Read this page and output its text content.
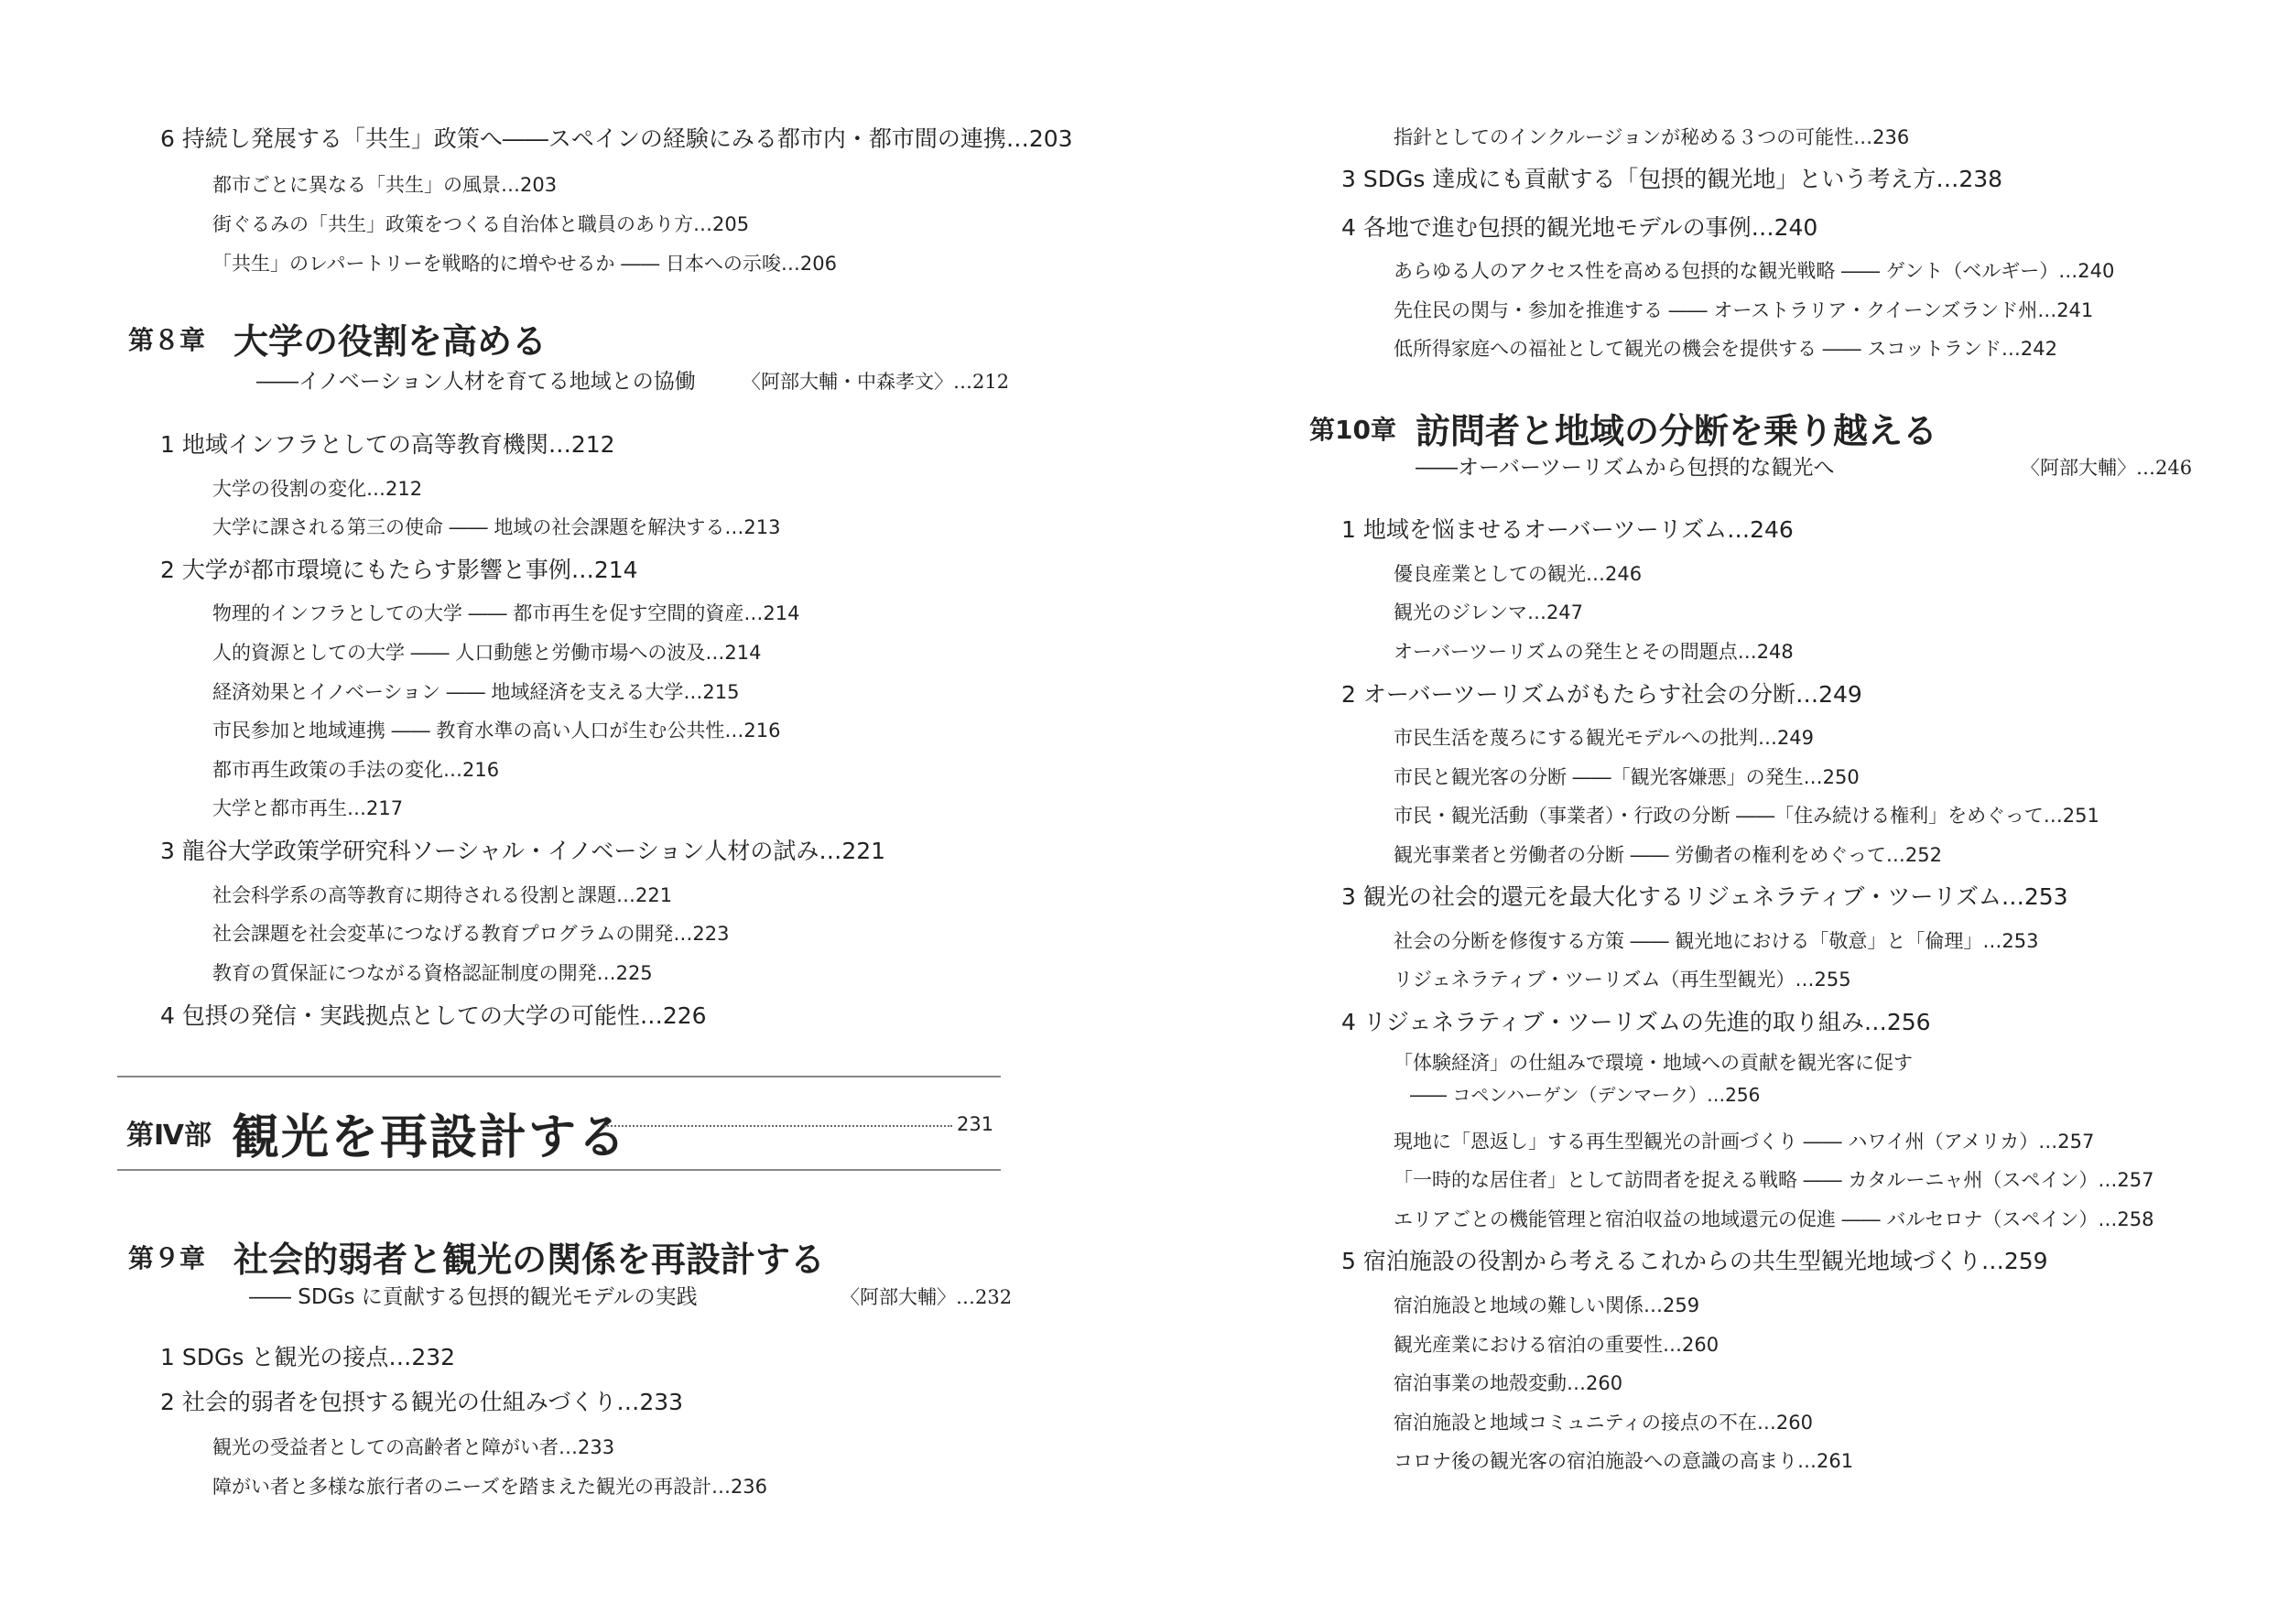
6 持続し発展する「共生」政策へ――スペインの経験にみる都市内・都市間の連携…203
都市ごとに異なる「共生」の風景…203
街ぐるみの「共生」政策をつくる自治体と職員のあり方…205
「共生」のレパートリーを戦略的に増やせるか ―― 日本への示唆…206
第８章 大学の役割を高める
――イノベーション人材を育てる地域との協働 〈阿部大輔・中森孝文〉…212
1 地域インフラとしての高等教育機関…212
大学の役割の変化…212
大学に課される第三の使命 ―― 地域の社会課題を解決する…213
2 大学が都市環境にもたらす影響と事例…214
物理的インフラとしての大学 ―― 都市再生を促す空間的資産…214
人的資源としての大学 ―― 人口動態と労働市場への波及…214
経済効果とイノベーション ―― 地域経済を支える大学…215
市民参加と地域連携 ―― 教育水準の高い人口が生む公共性…216
都市再生政策の手法の変化…216
大学と都市再生…217
3 龍谷大学政策学研究科ソーシャル・イノベーション人材の試み…221
社会科学系の高等教育に期待される役割と課題…221
社会課題を社会変革につなげる教育プログラムの開発…223
教育の質保証につながる資格認証制度の開発…225
4 包摂の発信・実践拠点としての大学の可能性…226
第Ⅳ部 観光を再設計する	231
第９章 社会的弱者と観光の関係を再設計する
―― SDGs に貢献する包摂的観光モデルの実践	〈阿部大輔〉…232
1 SDGs と観光の接点…232
2 社会的弱者を包摂する観光の仕組みづくり…233
観光の受益者としての高齢者と障がい者…233
障がい者と多様な旅行者のニーズを踏まえた観光の再設計…236
指針としてのインクルージョンが秘める３つの可能性…236
3 SDGs 達成にも貢献する「包摂的観光地」という考え方…238
4 各地で進む包摂的観光地モデルの事例…240
あらゆる人のアクセス性を高める包摂的な観光戦略 ―― ゲント（ベルギー）…240
先住民の関与・参加を推進する ―― オーストラリア・クイーンズランド州…241
低所得家庭への福祉として観光の機会を提供する ―― スコットランド…242
第10章 訪問者と地域の分断を乗り越える
――オーバーツーリズムから包摂的な観光へ	〈阿部大輔〉…246
1 地域を悩ませるオーバーツーリズム…246
優良産業としての観光…246
観光のジレンマ…247
オーバーツーリズムの発生とその問題点…248
2 オーバーツーリズムがもたらす社会の分断…249
市民生活を蔑ろにする観光モデルへの批判…249
市民と観光客の分断 ――「観光客嫌悪」の発生…250
市民・観光活動（事業者）・行政の分断 ――「住み続ける権利」をめぐって…251
観光事業者と労働者の分断 ―― 労働者の権利をめぐって…252
3 観光の社会的還元を最大化するリジェネラティブ・ツーリズム…253
社会の分断を修復する方策 ―― 観光地における「敬意」と「倫理」…253
リジェネラティブ・ツーリズム（再生型観光）…255
4 リジェネラティブ・ツーリズムの先進的取り組み…256
「体験経済」の仕組みで環境・地域への貢献を観光客に促す
―― コペンハーゲン（デンマーク）…256
現地に「恩返し」する再生型観光の計画づくり ―― ハワイ州（アメリカ）…257
「一時的な居住者」として訪問者を捉える戦略 ―― カタルーニャ州（スペイン）…257
エリアごとの機能管理と宿泊収益の地域還元の促進 ―― バルセロナ（スペイン）…258
5 宿泊施設の役割から考えるこれからの共生型観光地域づくり…259
宿泊施設と地域の難しい関係…259
観光産業における宿泊の重要性…260
宿泊事業の地殻変動…260
宿泊施設と地域コミュニティの接点の不在…260
コロナ後の観光客の宿泊施設への意識の高まり…261
